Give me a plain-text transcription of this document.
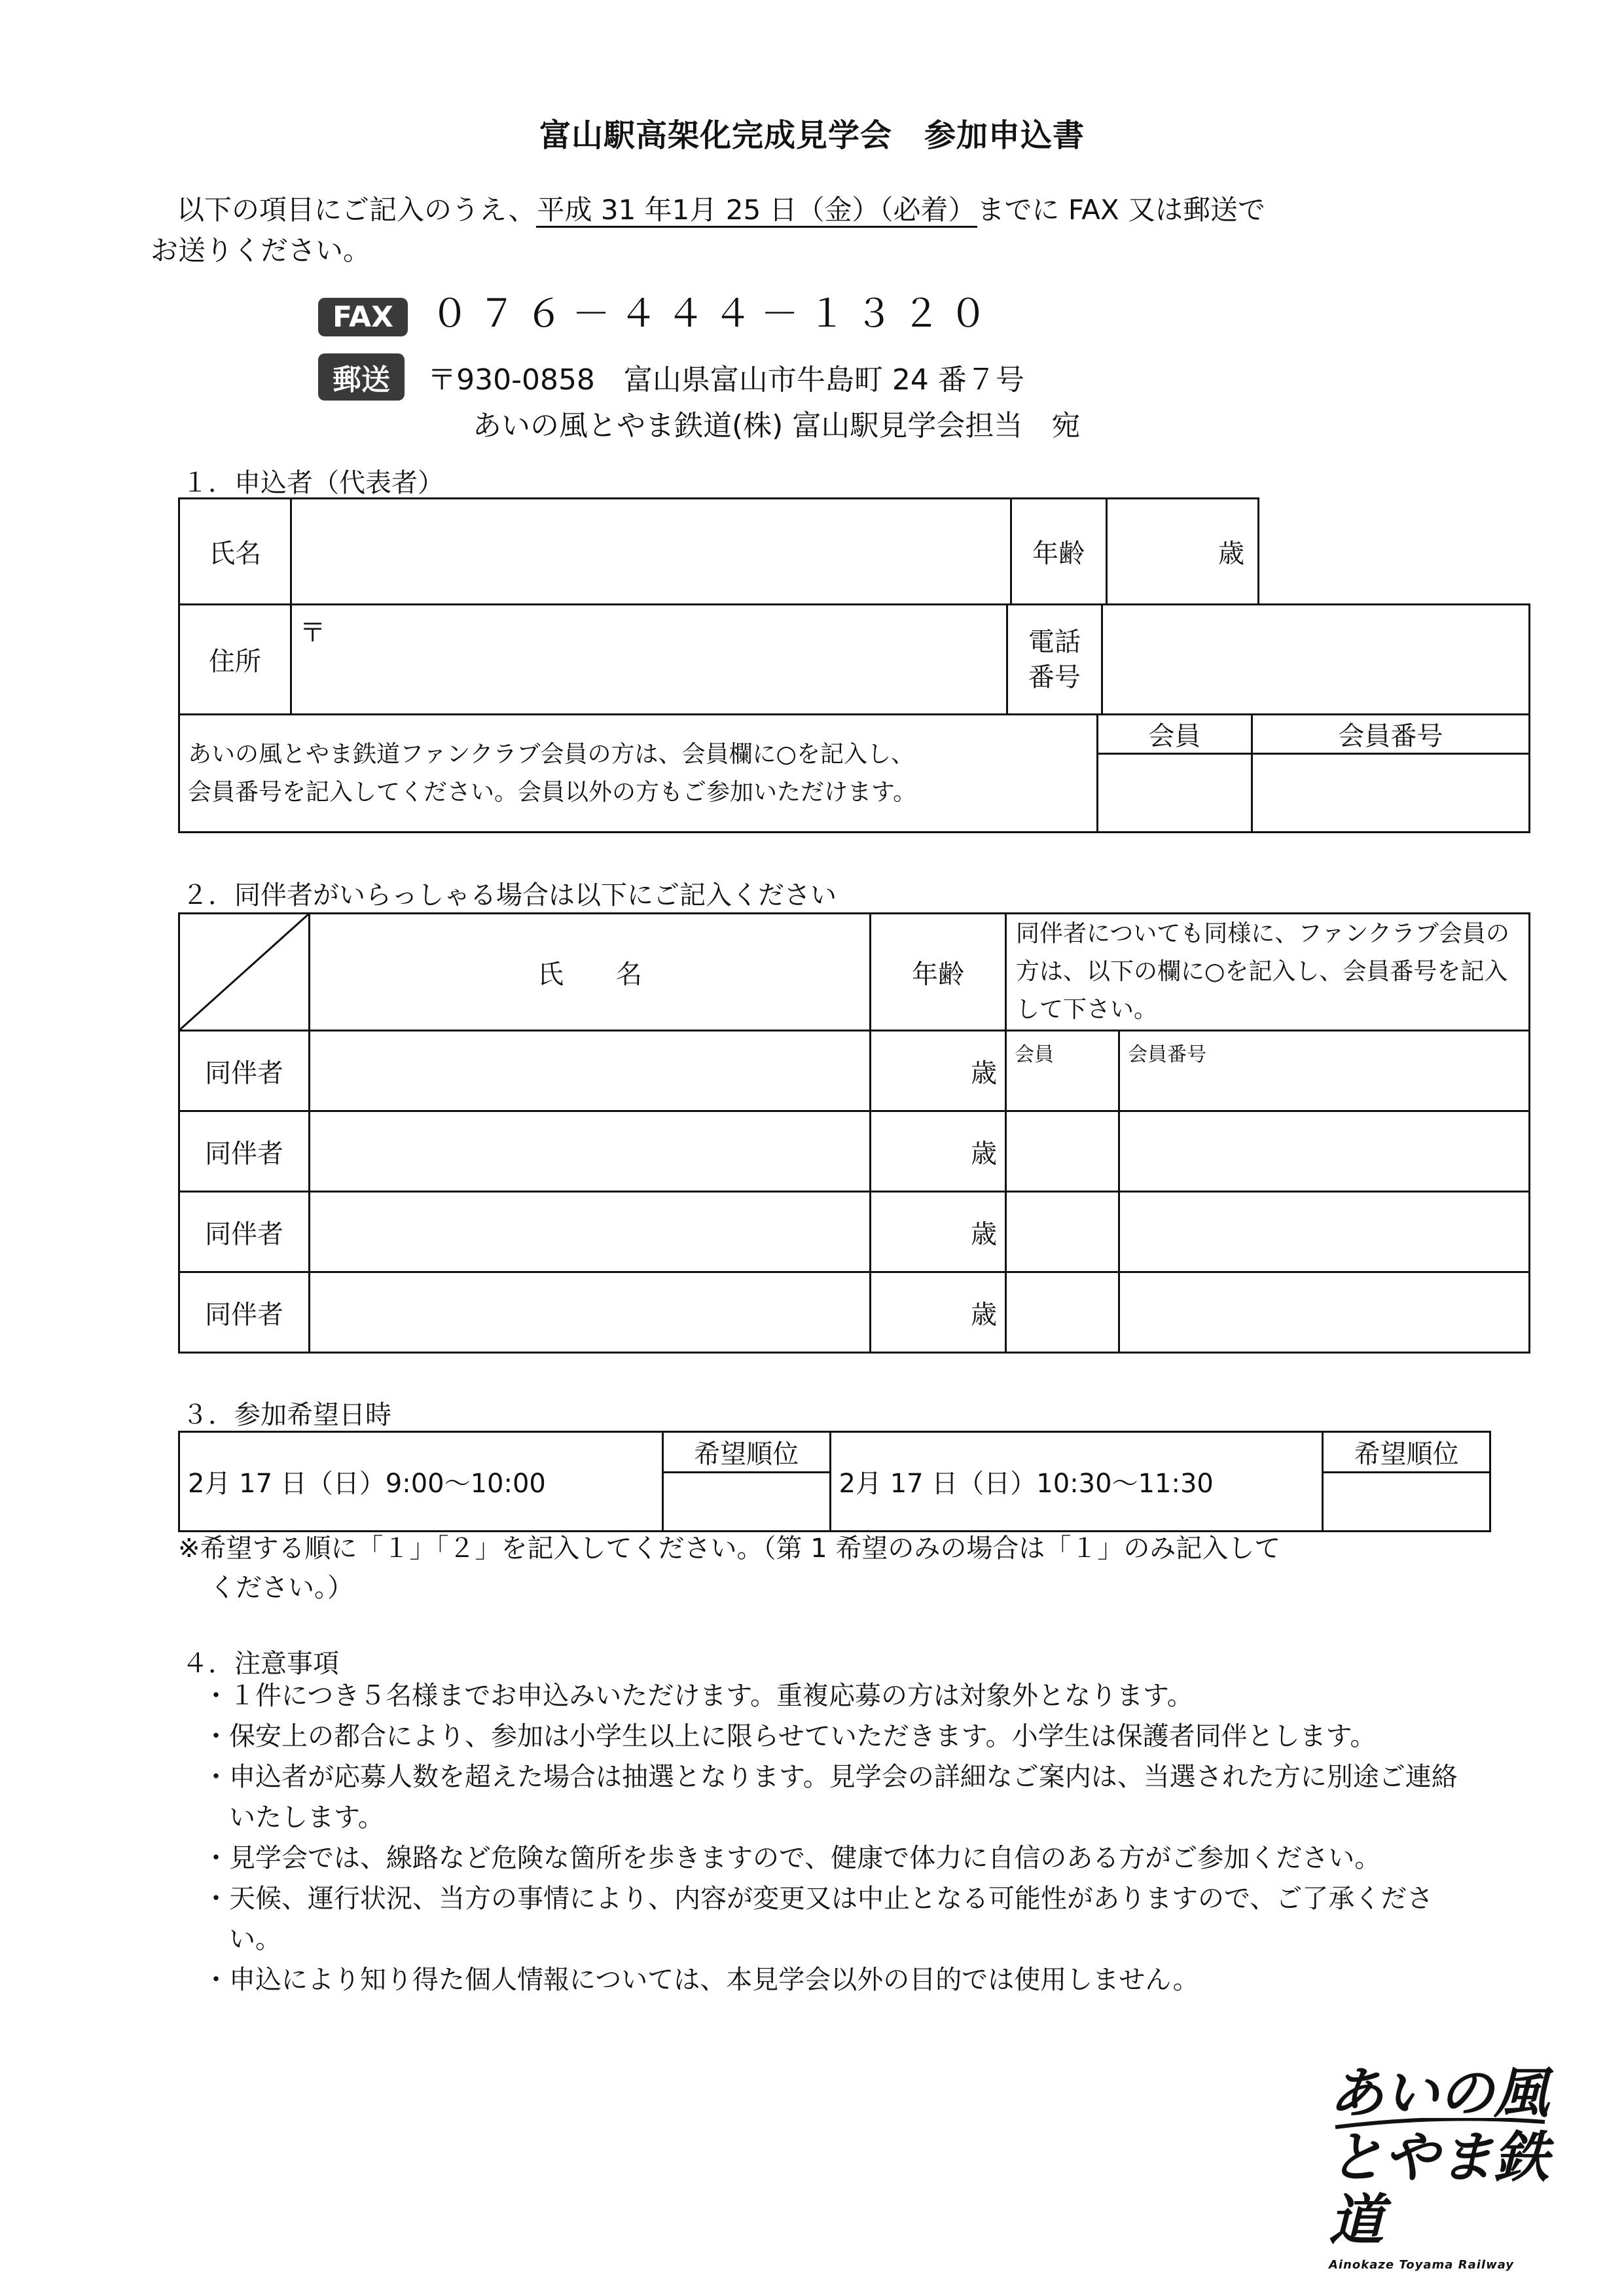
富山駅高架化完成見学会　参加申込書
以下の項目にご記入のうえ、平成 31 年1月 25 日（金）（必着）までに FAX 又は郵送で
お送りください。
FAX ０７６－４４４－１３２０
郵送 〒930-0858　富山県富山市牛島町 24 番７号
あいの風とやま鉄道(株) 富山駅見学会担当　宛
１．申込者（代表者）
氏名		年齢	歳
住所	〒	電話番号	
あいの風とやま鉄道ファンクラブ会員の方は、会員欄に○を記入し、
会員番号を記入してください。会員以外の方もご参加いただけます。	会員	会員番号

２．同伴者がいらっしゃる場合は以下にご記入ください
	氏　　名	年齢	同伴者についても同様に、ファンクラブ会員の方は、以下の欄に○を記入し、会員番号を記入して下さい。	
同伴者		歳	会員	会員番号
同伴者		歳		
同伴者		歳		
同伴者		歳		
３．参加希望日時
2月 17 日（日）9:00～10:00	希望順位	2月 17 日（日）10:30～11:30	希望順位

※希望する順に「１」「２」を記入してください。（第 1 希望のみの場合は「１」のみ記入して
ください。）
４．注意事項
・１件につき５名様までお申込みいただけます。重複応募の方は対象外となります。
・保安上の都合により、参加は小学生以上に限らせていただきます。小学生は保護者同伴とします。
・申込者が応募人数を超えた場合は抽選となります。見学会の詳細なご案内は、当選された方に別途ご連絡いたします。
・見学会では、線路など危険な箇所を歩きますので、健康で体力に自信のある方がご参加ください。
・天候、運行状況、当方の事情により、内容が変更又は中止となる可能性がありますので、ご了承ください。
・申込により知り得た個人情報については、本見学会以外の目的では使用しません。
あいの風
とやま鉄道
Ainokaze Toyama Railway
